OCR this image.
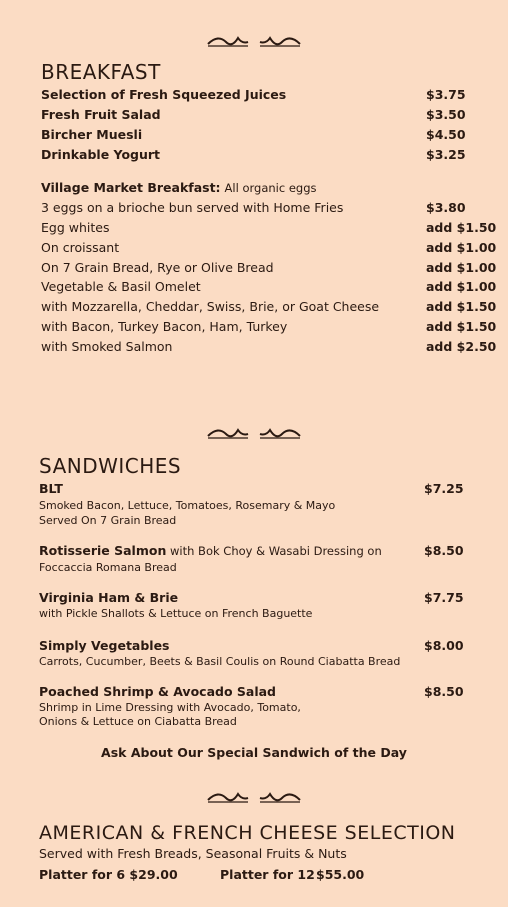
BREAKFAST
Selection of Fresh Squeezed Juices	$3.75
Fresh Fruit Salad	$3.50
Bircher Muesli	$4.50
Drinkable Yogurt	$3.25
Village Market Breakfast: All organic eggs
3 eggs on a brioche bun served with Home Fries	$3.80
Egg whites	add $1.50
On croissant	add $1.00
On 7 Grain Bread, Rye or Olive Bread	add $1.00
Vegetable & Basil Omelet	add $1.00
with Mozzarella, Cheddar, Swiss, Brie, or Goat Cheese	add $1.50
with Bacon, Turkey Bacon, Ham, Turkey	add $1.50
with Smoked Salmon	add $2.50
SANDWICHES
BLT	$7.25
Smoked Bacon, Lettuce, Tomatoes, Rosemary & Mayo
Served On 7 Grain Bread
Rotisserie Salmon with Bok Choy & Wasabi Dressing on	$8.50
Foccaccia Romana Bread
Virginia Ham & Brie	$7.75
with Pickle Shallots & Lettuce on French Baguette
Simply Vegetables	$8.00
Carrots, Cucumber, Beets & Basil Coulis on Round Ciabatta Bread
Poached Shrimp & Avocado Salad	$8.50
Shrimp in Lime Dressing with Avocado, Tomato,
Onions & Lettuce on Ciabatta Bread
Ask About Our Special Sandwich of the Day
AMERICAN & FRENCH CHEESE SELECTION
Served with Fresh Breads, Seasonal Fruits & Nuts
Platter for 6 $29.00	Platter for 12 $55.00
